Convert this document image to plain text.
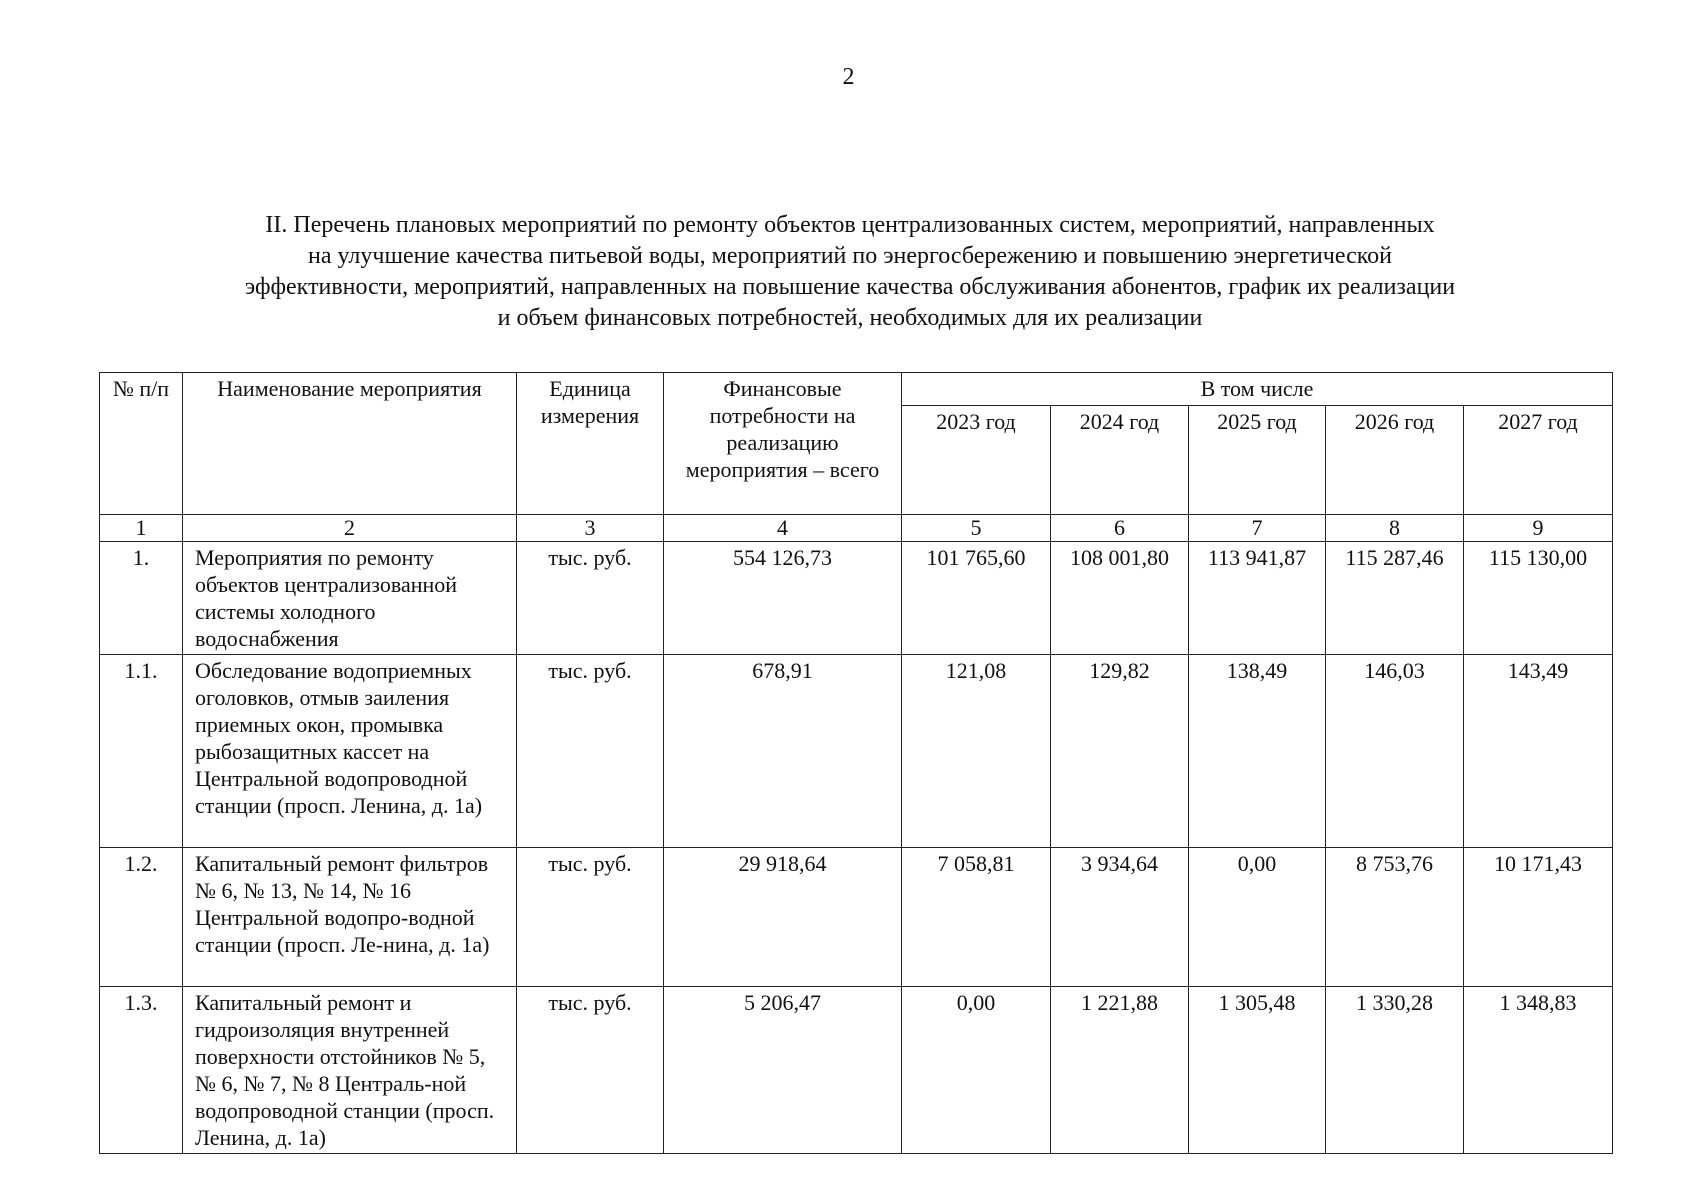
2
II. Перечень плановых мероприятий по ремонту объектов централизованных систем, мероприятий, направленных
на улучшение качества питьевой воды, мероприятий по энергосбережению и повышению энергетической
эффективности, мероприятий, направленных на повышение качества обслуживания абонентов, график их реализации
и объем финансовых потребностей, необходимых для их реализации
№ п/п	Наименование мероприятия	Единица измерения	Финансовые потребности на реализацию мероприятия – всего	В том числе				
				2023 год	2024 год	2025 год	2026 год	2027 год
1	2	3	4	5	6	7	8	9
1.	Мероприятия по ремонту объектов централизованной системы холодного водоснабжения	тыс. руб.	554 126,73	101 765,60	108 001,80	113 941,87	115 287,46	115 130,00
1.1.	Обследование водоприемных оголовков, отмыв заиления приемных окон, промывка рыбозащитных кассет на Центральной водопроводной станции (просп. Ленина, д. 1а)	тыс. руб.	678,91	121,08	129,82	138,49	146,03	143,49
1.2.	Капитальный ремонт фильтров № 6, № 13, № 14, № 16 Центральной водопро-водной станции (просп. Ле-нина, д. 1а)	тыс. руб.	29 918,64	7 058,81	3 934,64	0,00	8 753,76	10 171,43
1.3.	Капитальный ремонт и гидроизоляция внутренней поверхности отстойников № 5, № 6, № 7, № 8 Централь-ной водопроводной станции (просп. Ленина, д. 1а)	тыс. руб.	5 206,47	0,00	1 221,88	1 305,48	1 330,28	1 348,83
